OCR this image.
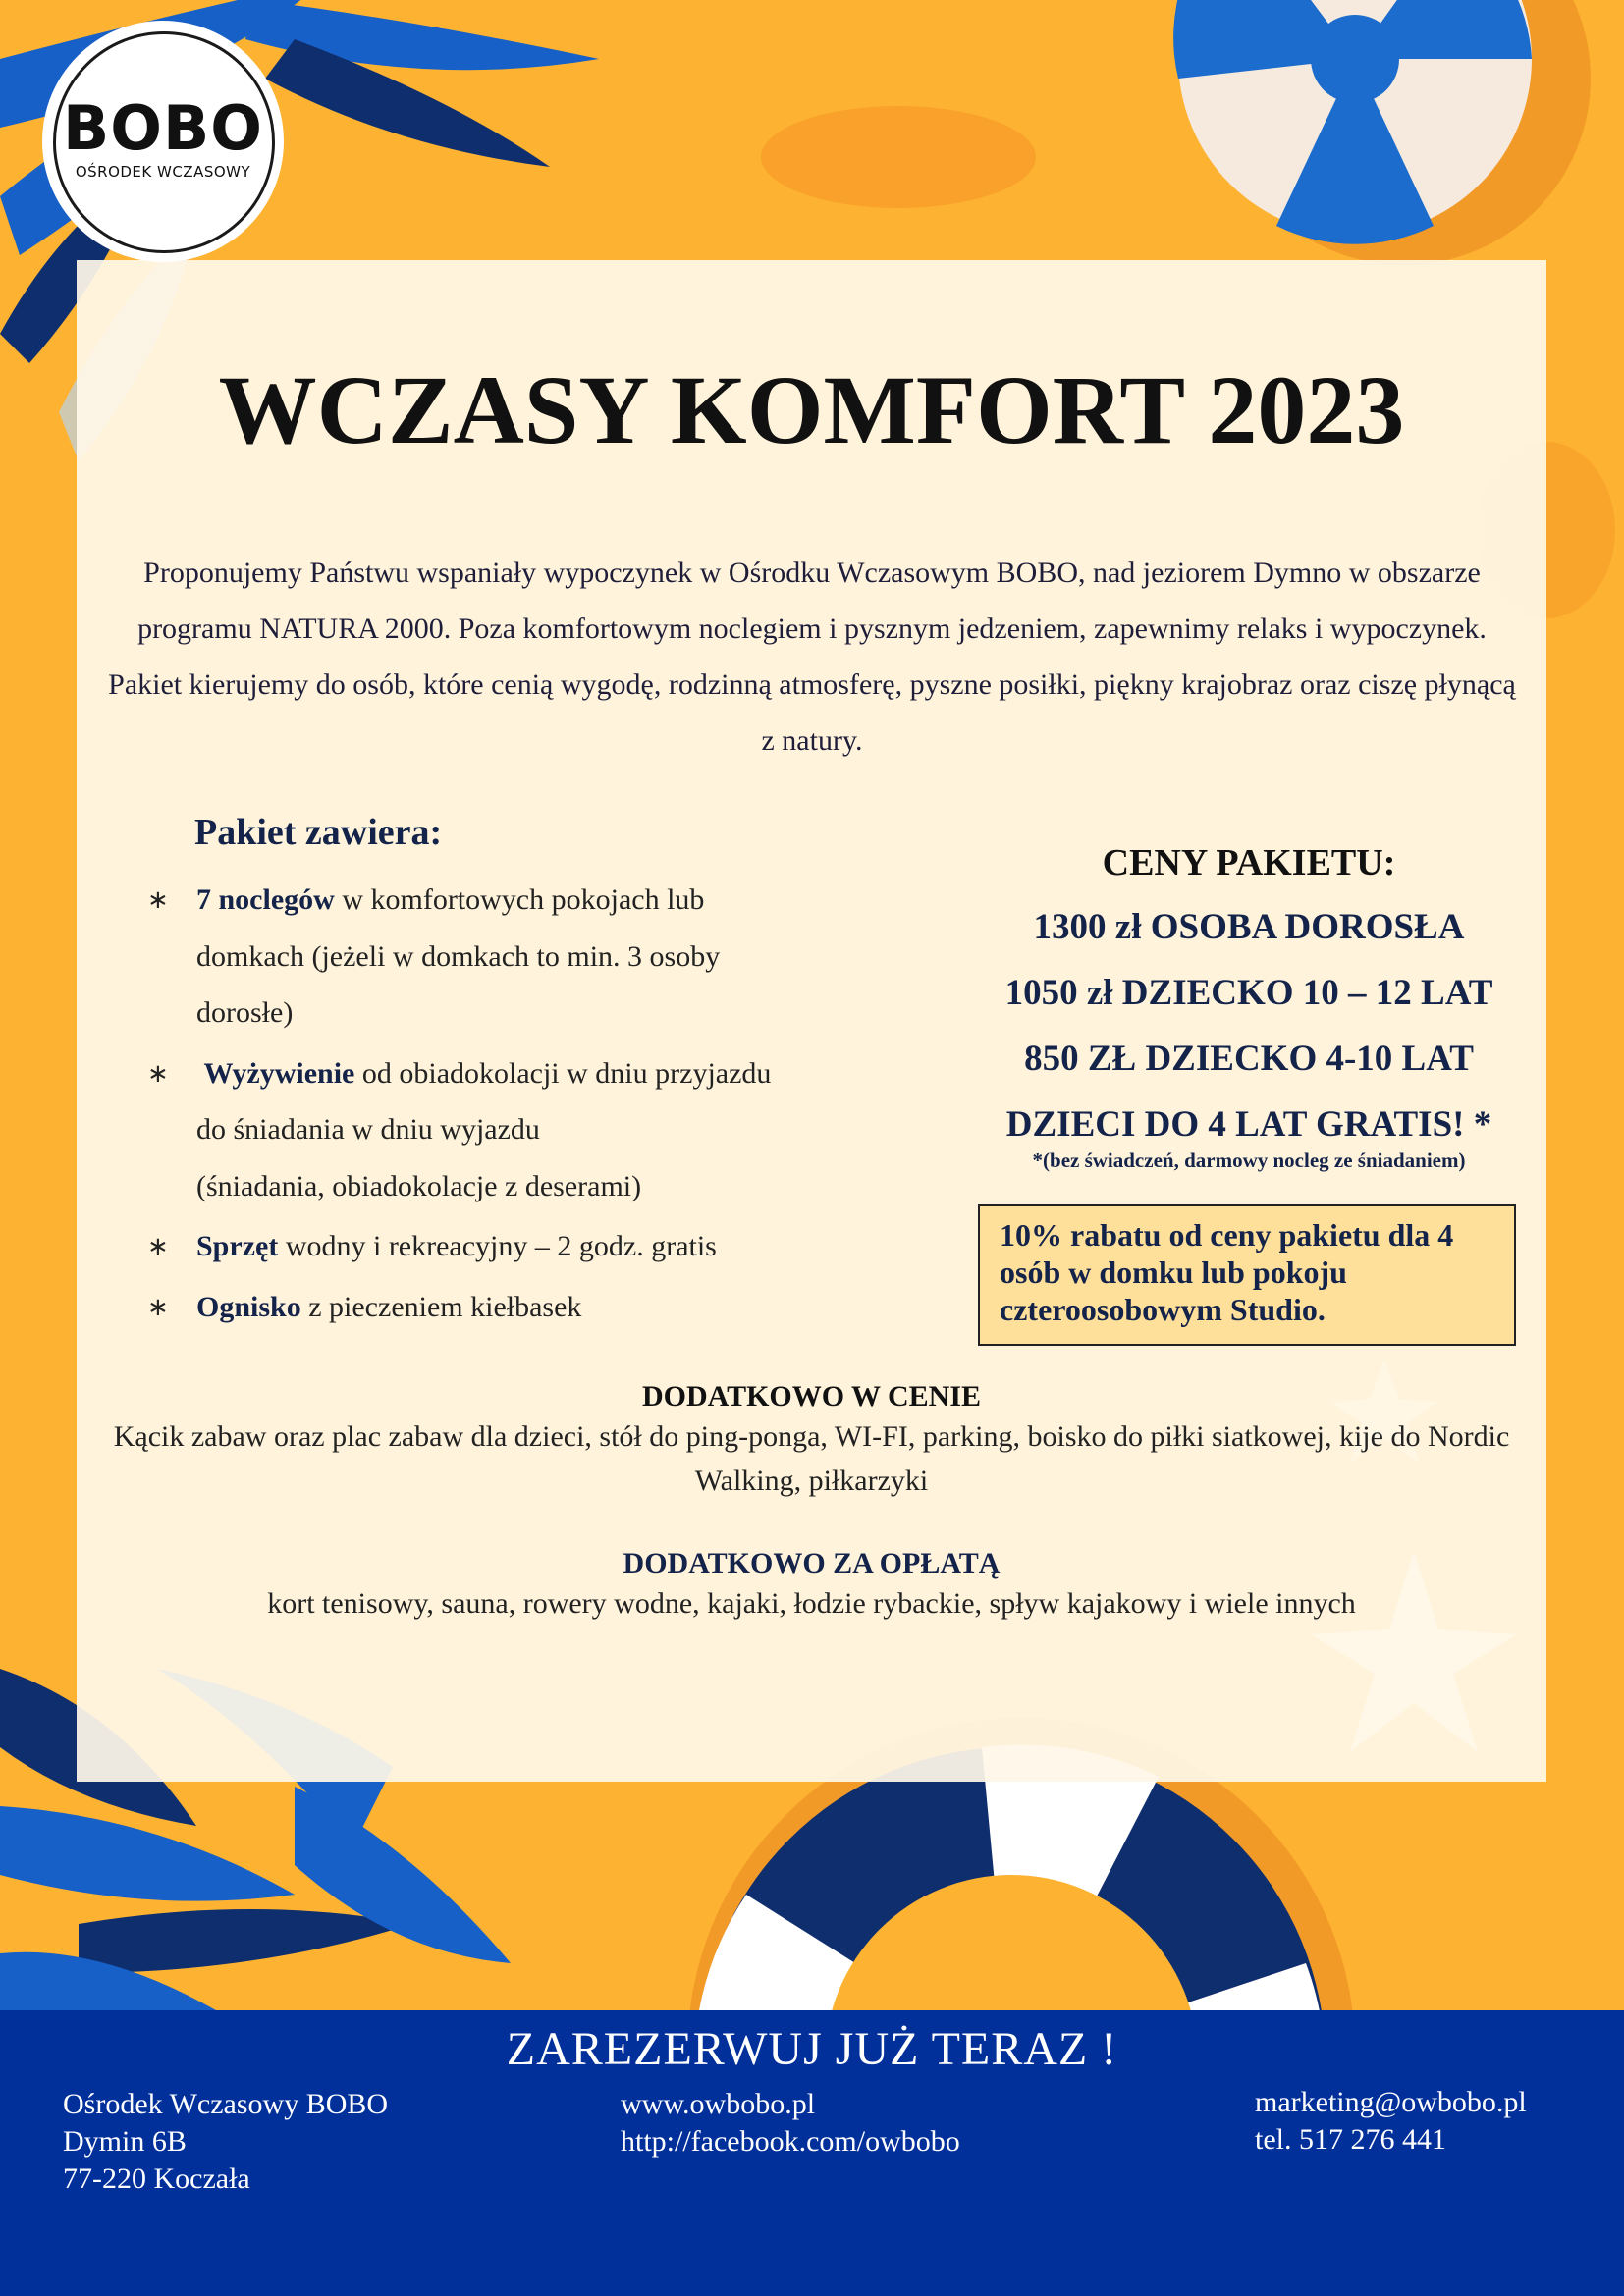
BOBO
OŚRODEK WCZASOWY
WCZASY KOMFORT 2023

Proponujemy Państwu wspaniały wypoczynek w Ośrodku Wczasowym BOBO, nad jeziorem Dymno w obszarze programu NATURA 2000. Poza komfortowym noclegiem i pysznym jedzeniem, zapewnimy relaks i wypoczynek. Pakiet kierujemy do osób, które cenią wygodę, rodzinną atmosferę, pyszne posiłki, piękny krajobraz oraz ciszę płynącą z natury.

Pakiet zawiera:
∗ 7 noclegów w komfortowych pokojach lub
domkach (jeżeli w domkach to min. 3 osoby
dorosłe)
∗ Wyżywienie od obiadokolacji w dniu przyjazdu
do śniadania w dniu wyjazdu
(śniadania, obiadokolacje z deserami)
∗ Sprzęt wodny i rekreacyjny – 2 godz. gratis
∗ Ognisko z pieczeniem kiełbasek

CENY PAKIETU:

1300 zł OSOBA DOROSŁA

1050 zł DZIECKO 10 – 12 LAT

850 ZŁ DZIECKO 4-10 LAT

DZIECI DO 4 LAT GRATIS! *

*(bez świadczeń, darmowy nocleg ze śniadaniem)

10% rabatu od ceny pakietu dla 4 osób w domku lub pokoju czteroosobowym Studio.

DODATKOWO W CENIE

Kącik zabaw oraz plac zabaw dla dzieci, stół do ping-ponga, WI-FI, parking, boisko do piłki siatkowej, kije do Nordic Walking, piłkarzyki

DODATKOWO ZA OPŁATĄ

kort tenisowy, sauna, rowery wodne, kajaki, łodzie rybackie, spływ kajakowy i wiele innych

ZAREZERWUJ JUŻ TERAZ !

Ośrodek Wczasowy BOBO
Dymin 6B
77-220 Koczała
www.owbobo.pl
http://facebook.com/owbobo
marketing@owbobo.pl
tel. 517 276 441
